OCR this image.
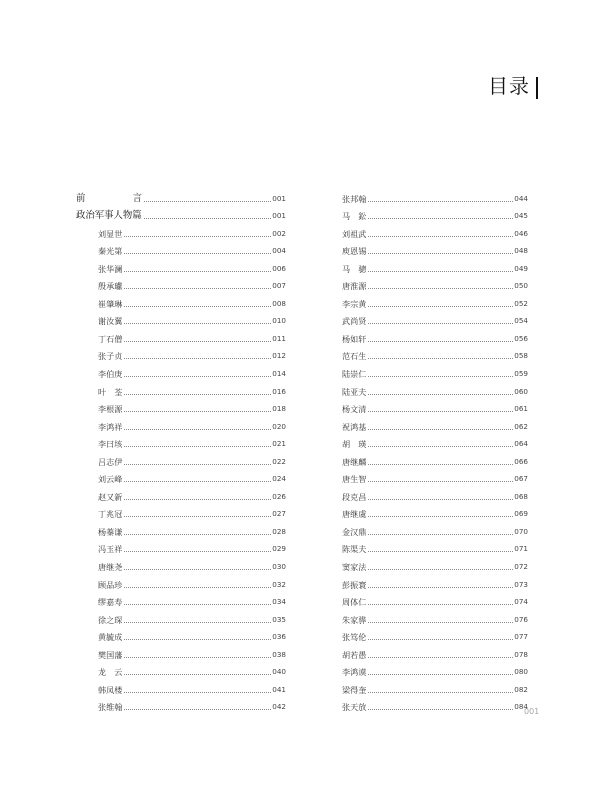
目录
前	言	001
政治军事人物篇	001
刘显世	002
秦光第	004
张华澜	006
殷承瓛	007
崔肇琳	008
谢汝翼	010
丁石僧	011
张子贞	012
李伯庚	014
叶　荃	016
李根源	018
李鸿祥	020
李曰垓	021
吕志伊	022
刘云峰	024
赵又新	026
丁兆冠	027
杨蓁谦	028
冯玉祥	029
唐继尧	030
顾品珍	032
缪嘉寿	034
徐之琛	035
黄毓成	036
樊国藩	038
龙　云	040
韩凤楼	041
张维翰	042
张邦翰	044
马　鈆	045
刘祖武	046
庾恩锡	048
马　骢	049
唐淮源	050
李宗黄	052
武尚贤	054
杨如轩	056
范石生	058
陆崇仁	059
陆亚夫	060
杨文清	061
祝鸿基	062
胡　瑛	064
唐继麟	066
唐生智	067
段克昌	068
唐继虞	069
金汉鼎	070
陈渠夫	071
窦家法	072
彭振寰	073
周体仁	074
朱家骅	076
张笃伦	077
胡若愚	078
李鸿谟	080
梁得奎	082
张天放	084
001
